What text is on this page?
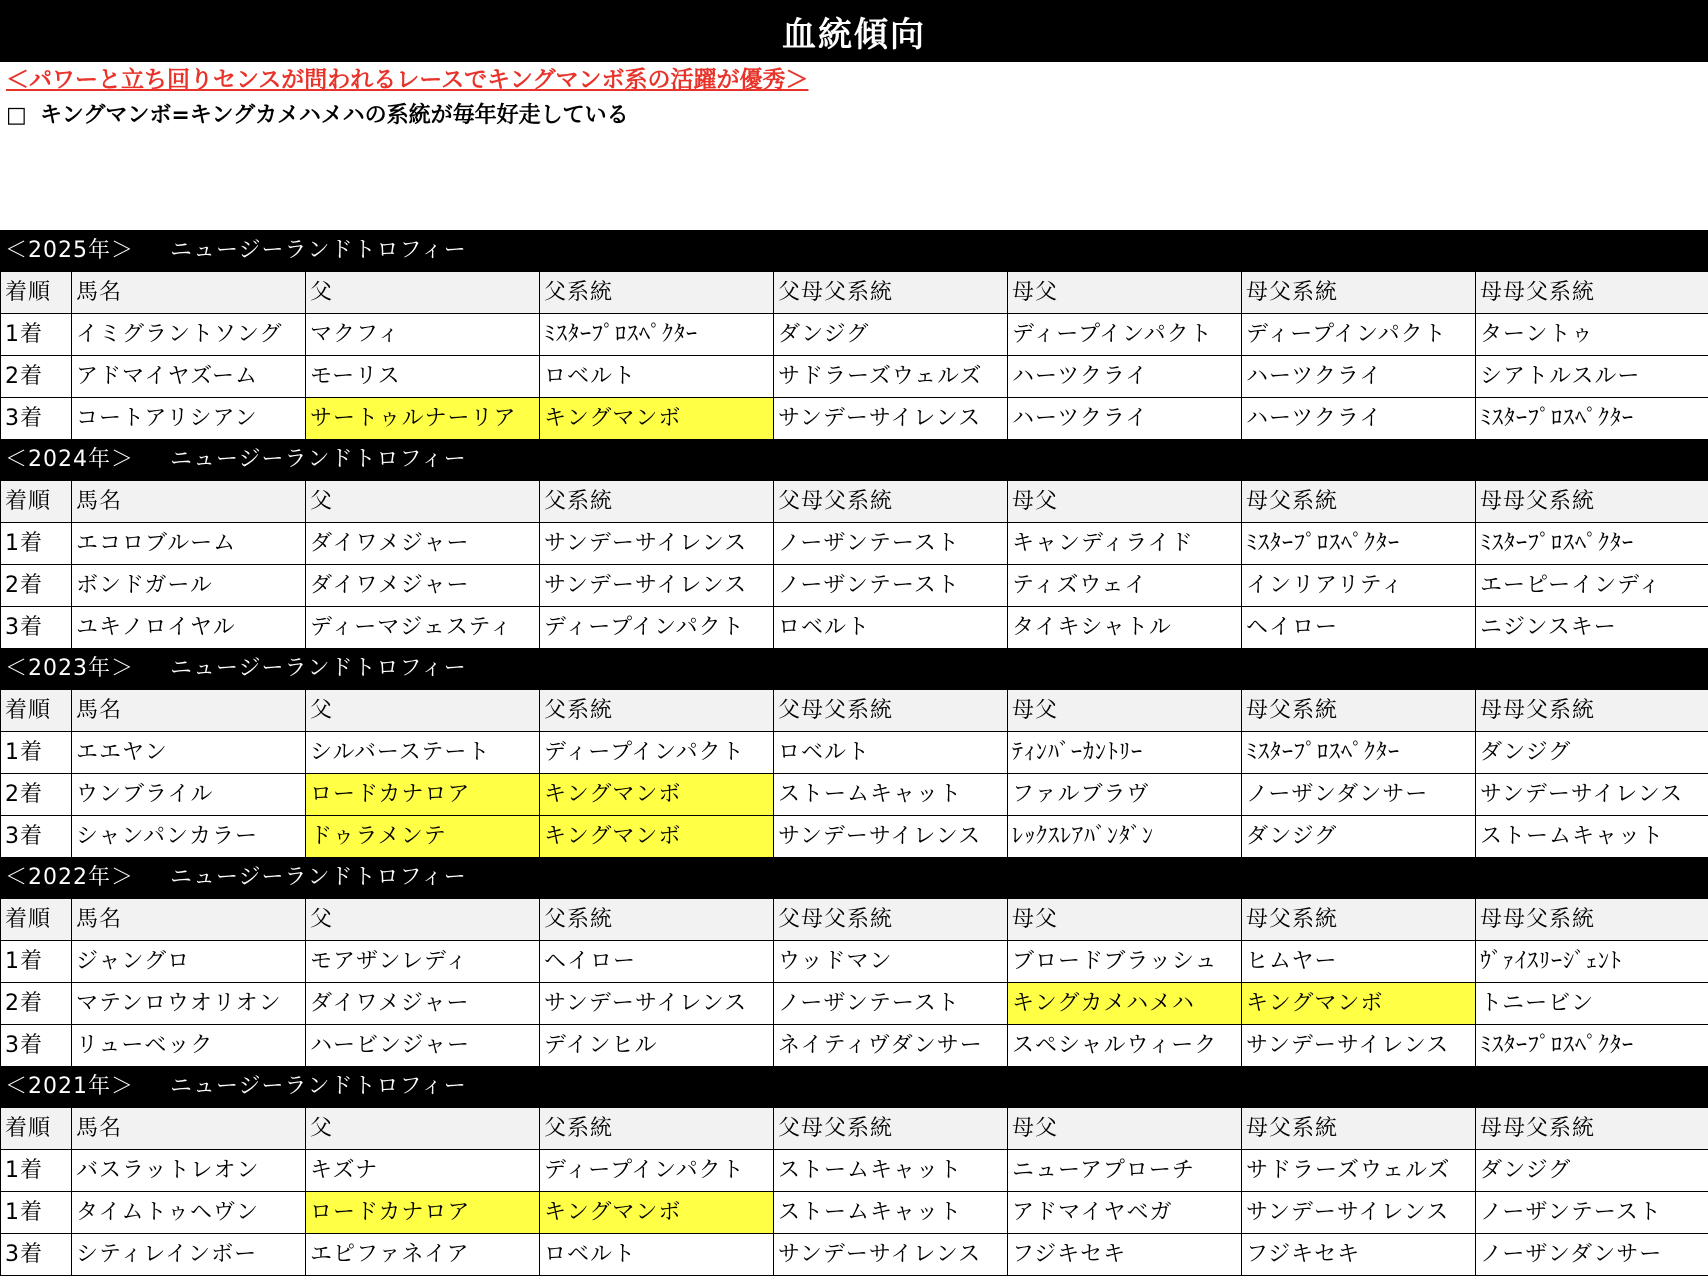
血統傾向
＜パワーと立ち回りセンスが問われるレースでキングマンボ系の活躍が優秀＞
□ キングマンボ=キングカメハメハの系統が毎年好走している
＜2025年＞ ニュージーランドトロフィー							
着順	馬名	父	父系統	父母父系統	母父	母父系統	母母父系統
1着	イミグラントソング	マクフィ	ﾐｽﾀｰﾌﾟﾛｽﾍﾟｸﾀｰ	ダンジグ	ディープインパクト	ディープインパクト	ターントゥ
2着	アドマイヤズーム	モーリス	ロベルト	サドラーズウェルズ	ハーツクライ	ハーツクライ	シアトルスルー
3着	コートアリシアン	サートゥルナーリア	キングマンボ	サンデーサイレンス	ハーツクライ	ハーツクライ	ﾐｽﾀｰﾌﾟﾛｽﾍﾟｸﾀｰ
＜2024年＞ ニュージーランドトロフィー							
着順	馬名	父	父系統	父母父系統	母父	母父系統	母母父系統
1着	エコロブルーム	ダイワメジャー	サンデーサイレンス	ノーザンテースト	キャンディライド	ﾐｽﾀｰﾌﾟﾛｽﾍﾟｸﾀｰ	ﾐｽﾀｰﾌﾟﾛｽﾍﾟｸﾀｰ
2着	ボンドガール	ダイワメジャー	サンデーサイレンス	ノーザンテースト	ティズウェイ	インリアリティ	エーピーインディ
3着	ユキノロイヤル	ディーマジェスティ	ディープインパクト	ロベルト	タイキシャトル	ヘイロー	ニジンスキー
＜2023年＞ ニュージーランドトロフィー							
着順	馬名	父	父系統	父母父系統	母父	母父系統	母母父系統
1着	エエヤン	シルバーステート	ディープインパクト	ロベルト	ﾃｨﾝﾊﾞｰｶﾝﾄﾘｰ	ﾐｽﾀｰﾌﾟﾛｽﾍﾟｸﾀｰ	ダンジグ
2着	ウンブライル	ロードカナロア	キングマンボ	ストームキャット	ファルブラヴ	ノーザンダンサー	サンデーサイレンス
3着	シャンパンカラー	ドゥラメンテ	キングマンボ	サンデーサイレンス	ﾚｯｸｽﾚｱﾊﾞﾝﾀﾞﾝ	ダンジグ	ストームキャット
＜2022年＞ ニュージーランドトロフィー							
着順	馬名	父	父系統	父母父系統	母父	母父系統	母母父系統
1着	ジャングロ	モアザンレディ	ヘイロー	ウッドマン	ブロードブラッシュ	ヒムヤー	ｳﾞｧｲｽﾘｰｼﾞｪﾝﾄ
2着	マテンロウオリオン	ダイワメジャー	サンデーサイレンス	ノーザンテースト	キングカメハメハ	キングマンボ	トニービン
3着	リューベック	ハービンジャー	デインヒル	ネイティヴダンサー	スペシャルウィーク	サンデーサイレンス	ﾐｽﾀｰﾌﾟﾛｽﾍﾟｸﾀｰ
＜2021年＞ ニュージーランドトロフィー							
着順	馬名	父	父系統	父母父系統	母父	母父系統	母母父系統
1着	バスラットレオン	キズナ	ディープインパクト	ストームキャット	ニューアプローチ	サドラーズウェルズ	ダンジグ
1着	タイムトゥヘヴン	ロードカナロア	キングマンボ	ストームキャット	アドマイヤベガ	サンデーサイレンス	ノーザンテースト
3着	シティレインボー	エピファネイア	ロベルト	サンデーサイレンス	フジキセキ	フジキセキ	ノーザンダンサー
